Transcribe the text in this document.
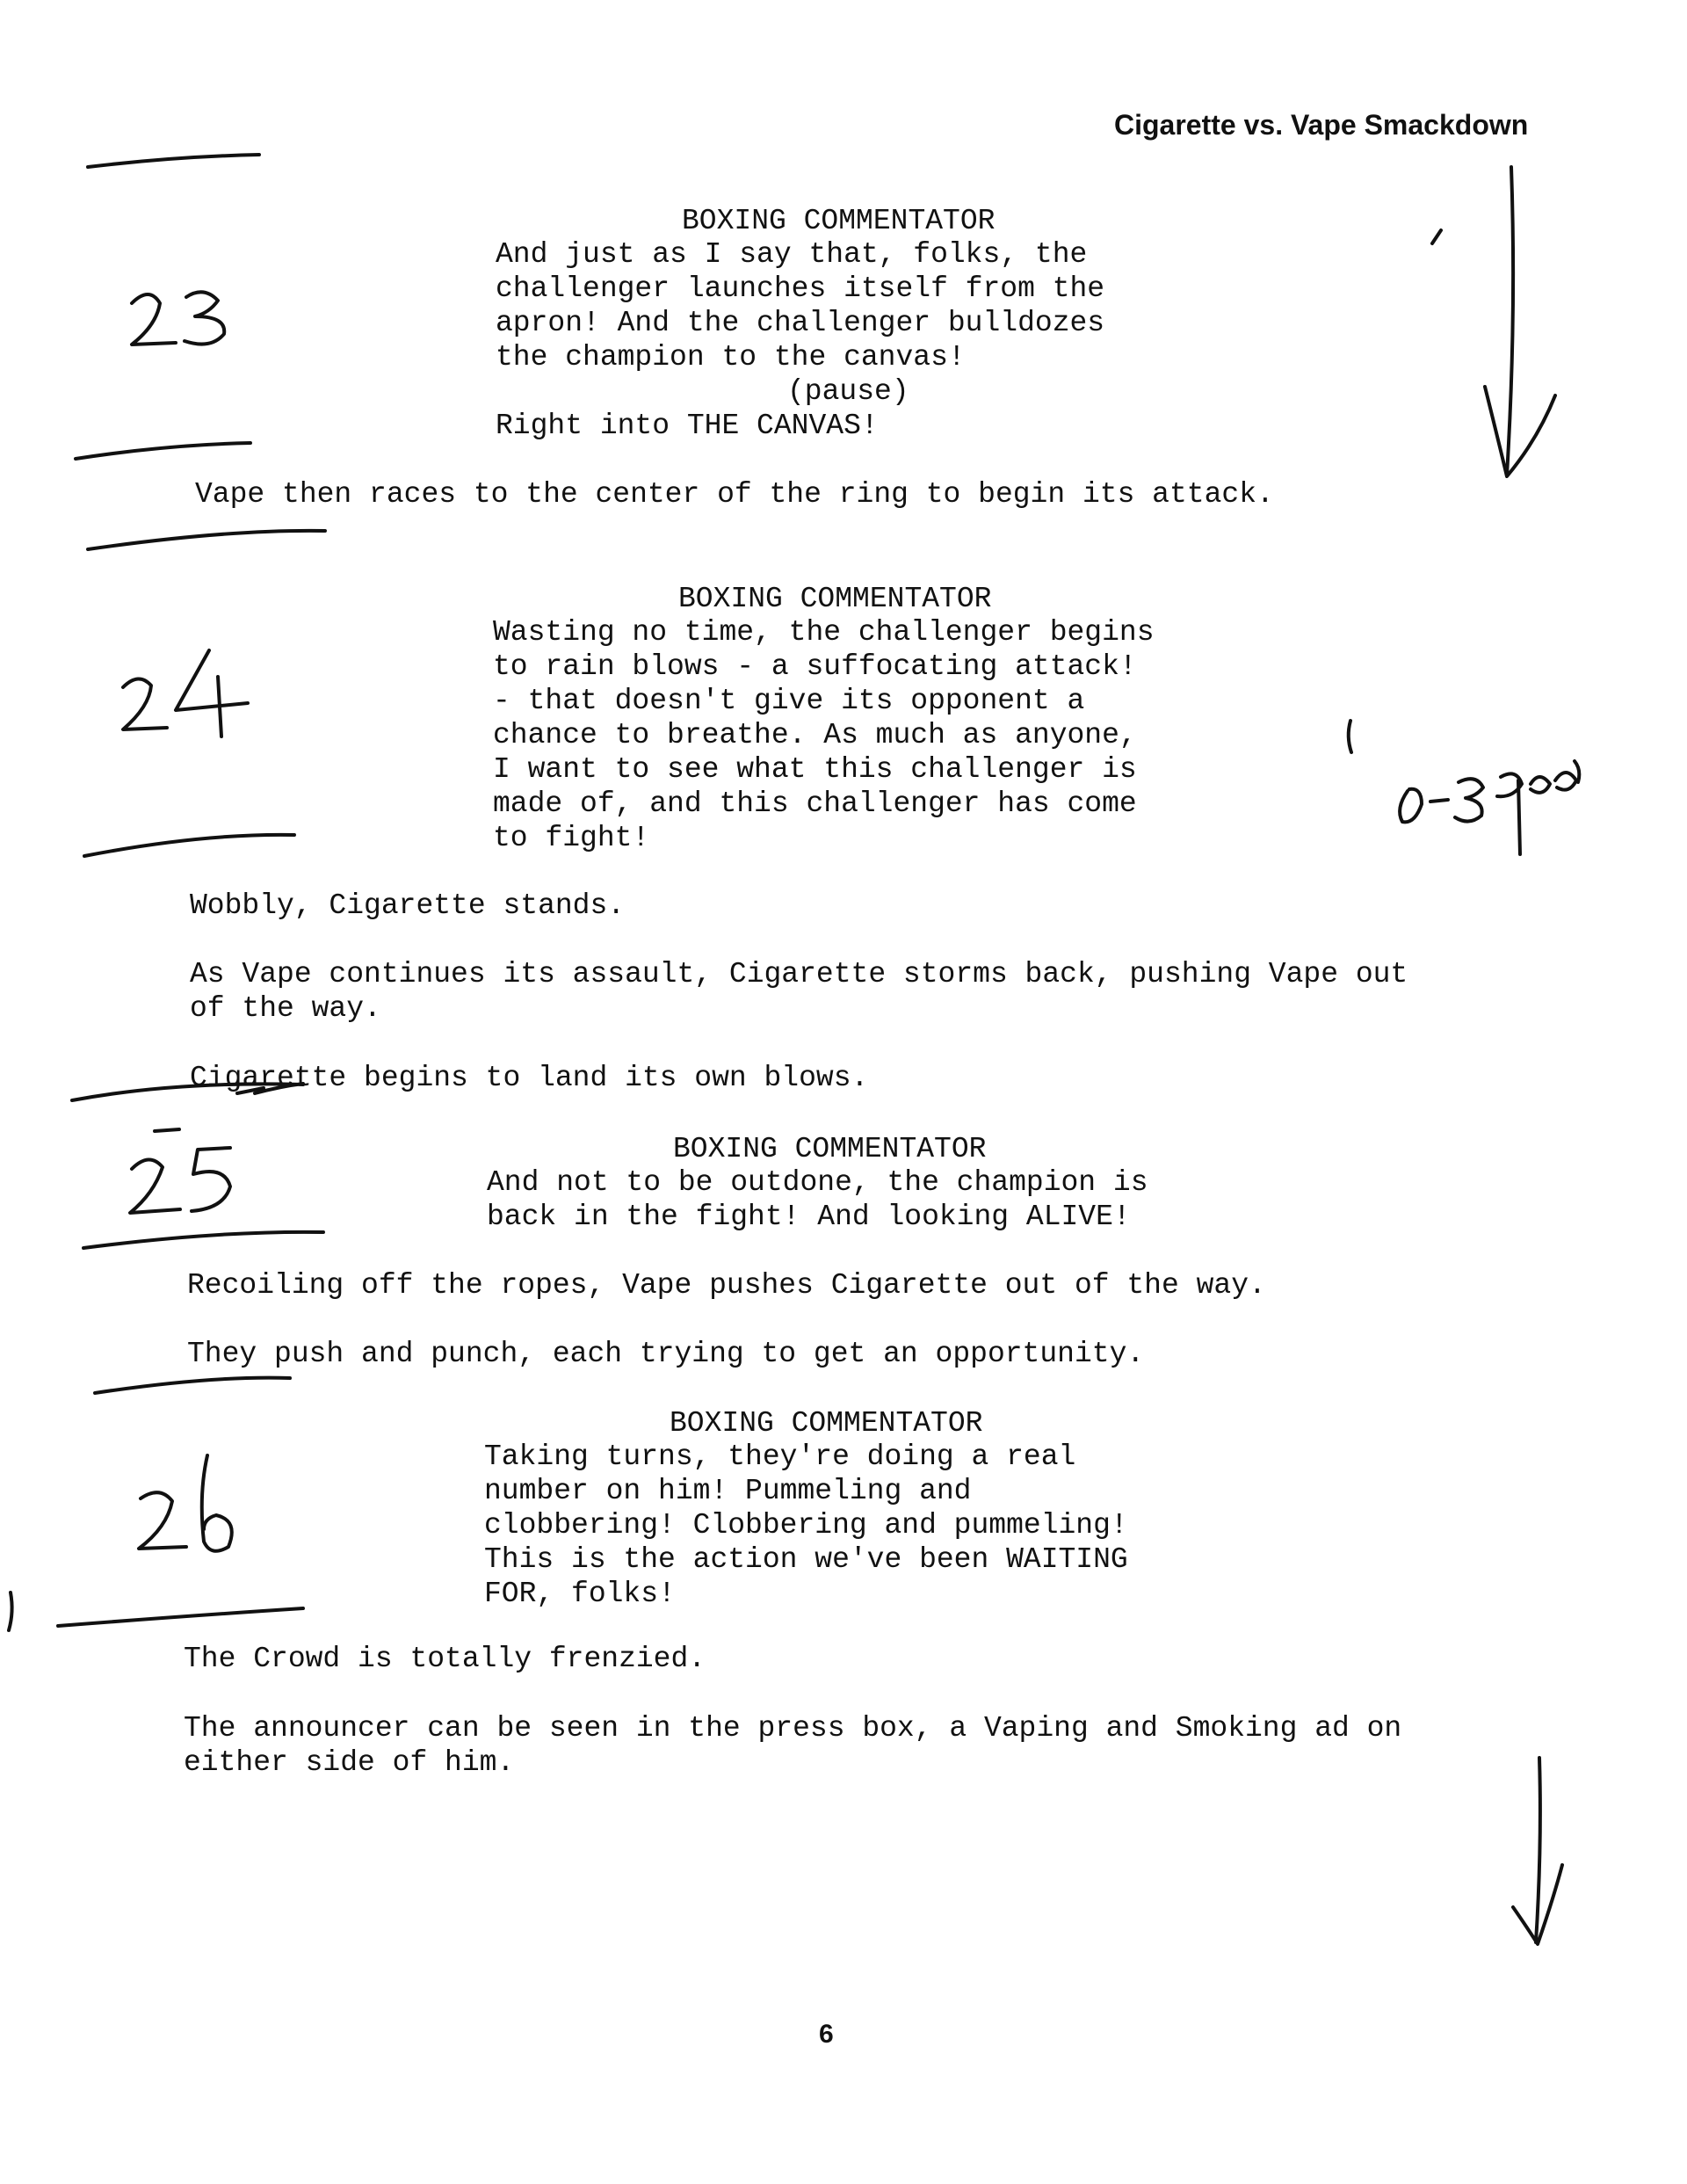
Cigarette vs. Vape Smackdown
BOXING COMMENTATOR
And just as I say that, folks, the
challenger launches itself from the
apron! And the challenger bulldozes
the champion to the canvas!
(pause)
Right into THE CANVAS!
Vape then races to the center of the ring to begin its attack.
BOXING COMMENTATOR
Wasting no time, the challenger begins
to rain blows - a suffocating attack!
- that doesn't give its opponent a
chance to breathe. As much as anyone,
I want to see what this challenger is
made of, and this challenger has come
to fight!
Wobbly, Cigarette stands.
As Vape continues its assault, Cigarette storms back, pushing Vape out
of the way.
Cigarette begins to land its own blows.
BOXING COMMENTATOR
And not to be outdone, the champion is
back in the fight! And looking ALIVE!
Recoiling off the ropes, Vape pushes Cigarette out of the way.
They push and punch, each trying to get an opportunity.
BOXING COMMENTATOR
Taking turns, they're doing a real
number on him! Pummeling and
clobbering! Clobbering and pummeling!
This is the action we've been WAITING
FOR, folks!
The Crowd is totally frenzied.
The announcer can be seen in the press box, a Vaping and Smoking ad on
either side of him.
6
